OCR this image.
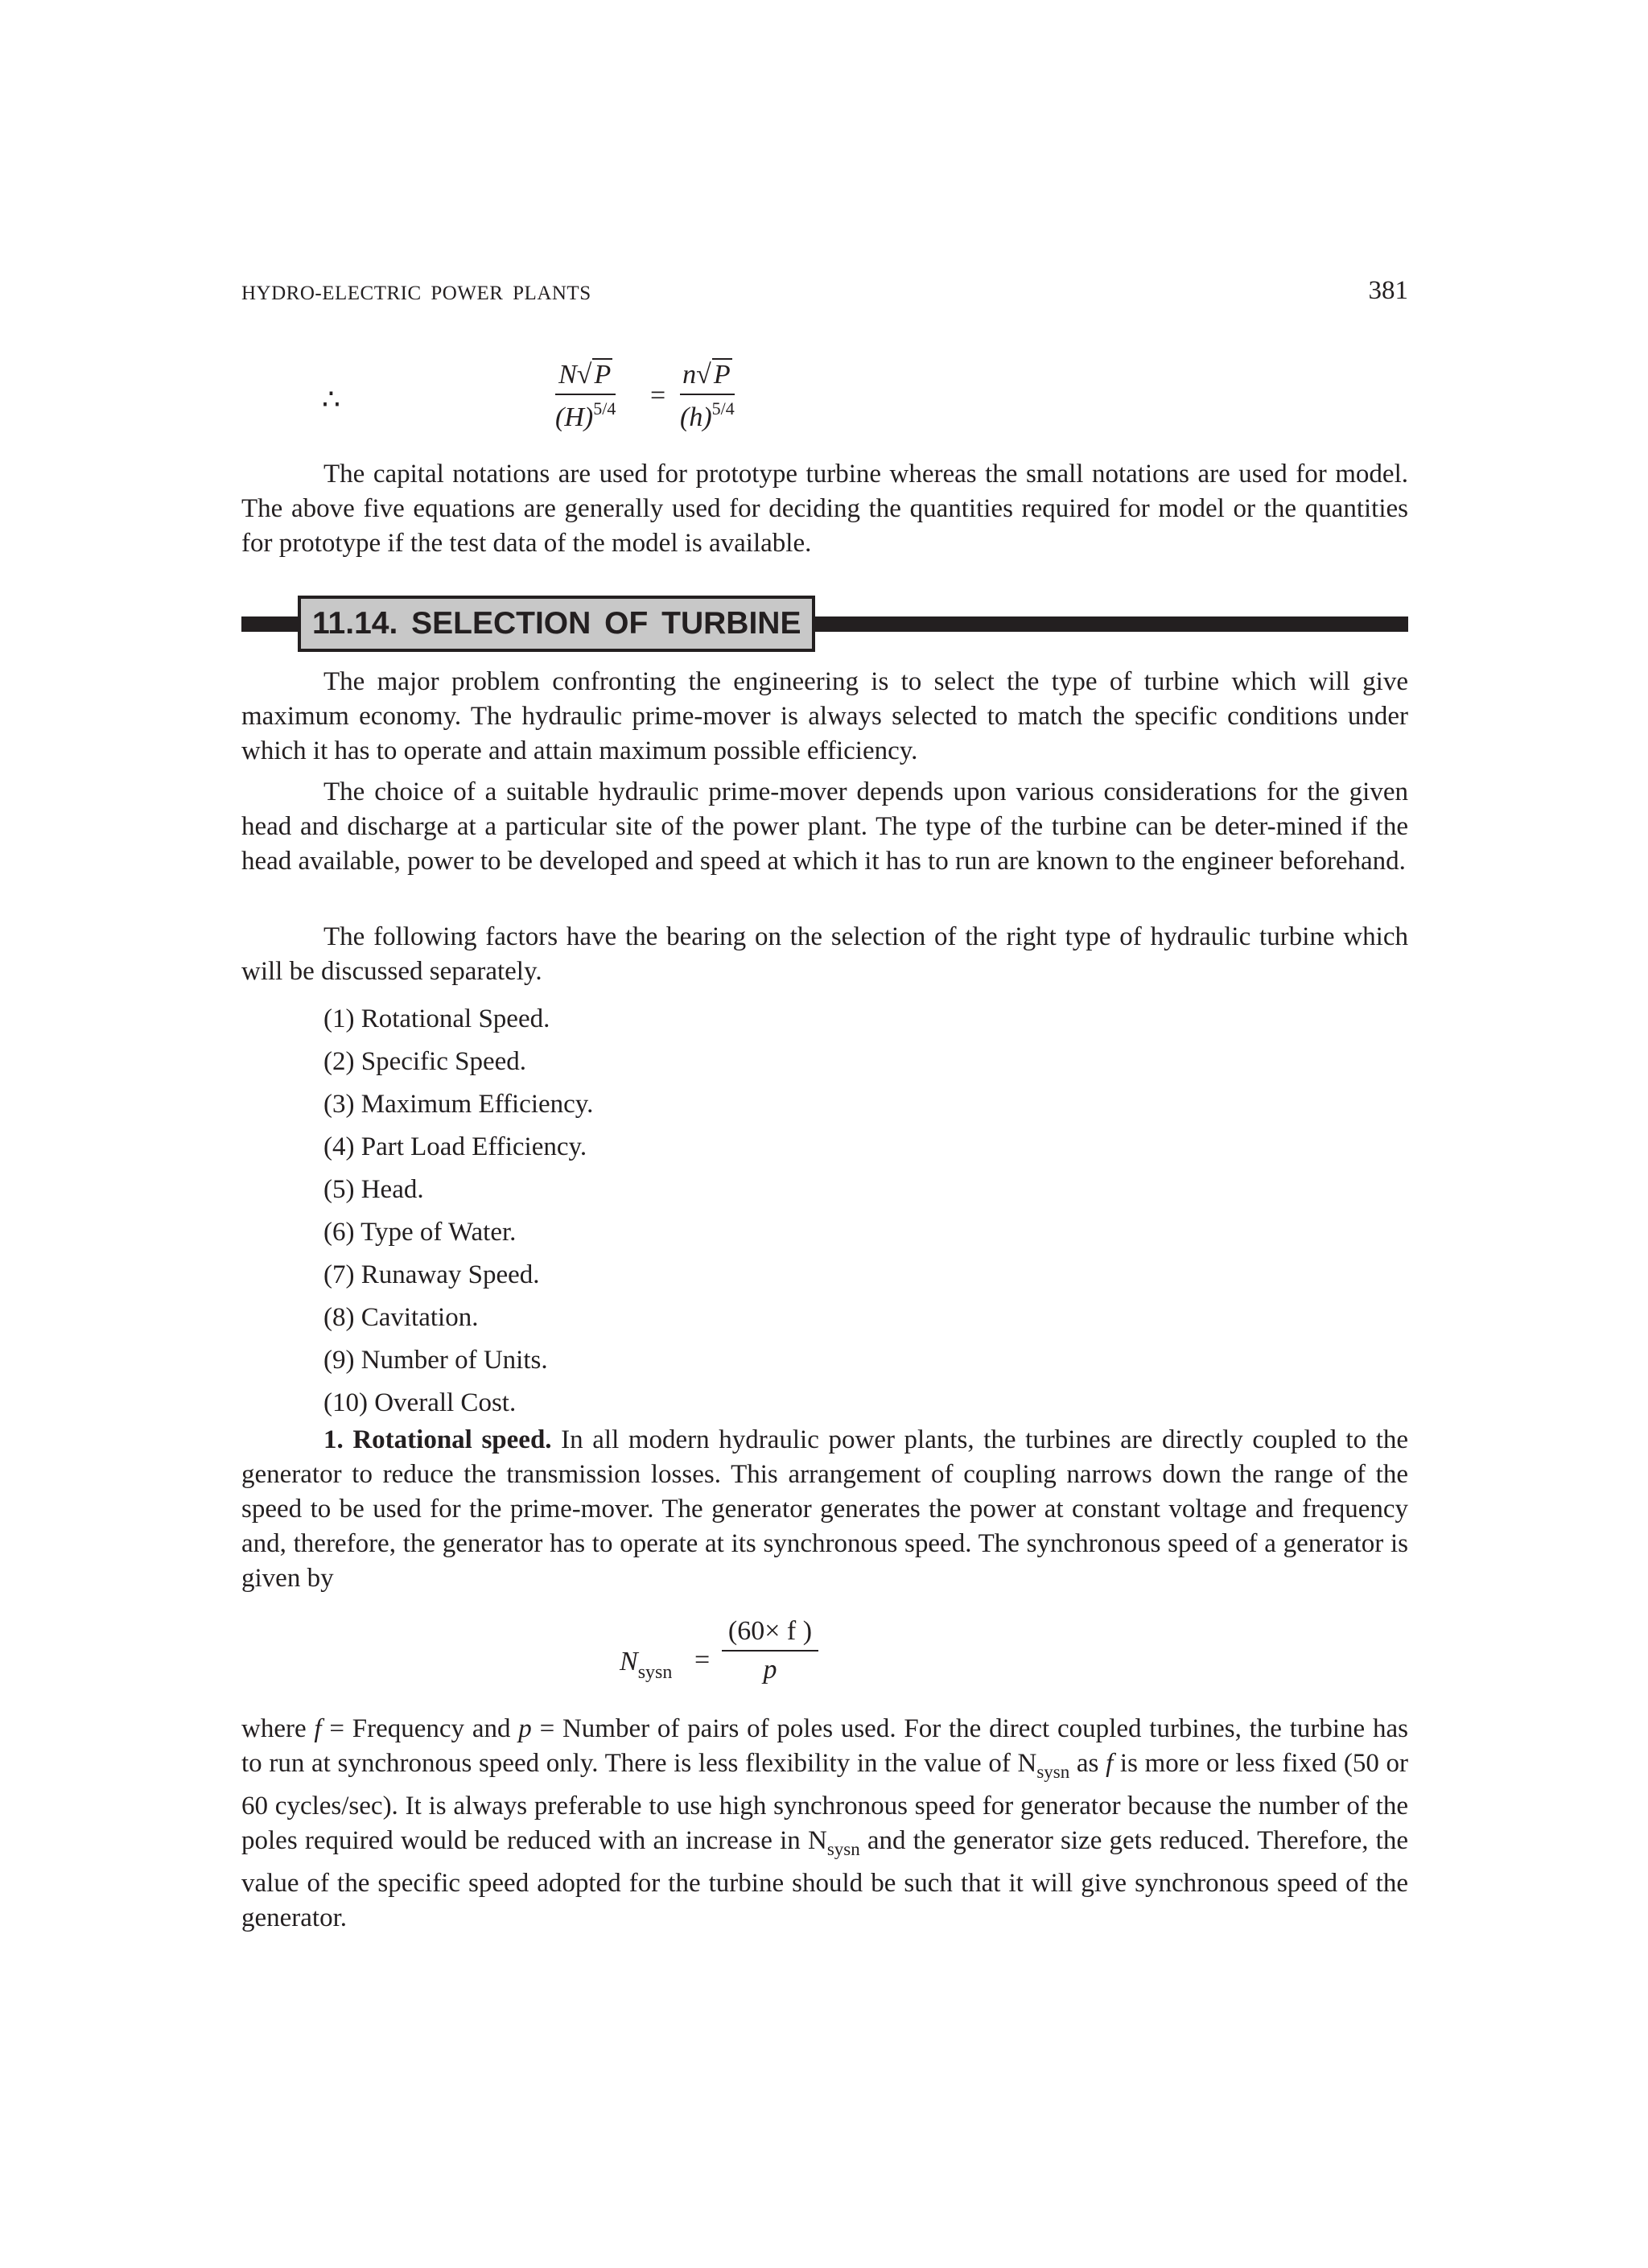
HYDRO-ELECTRIC POWER PLANTS	381
∴
N√P
$(H)^{5/4}$ =
n√P
$(h)^{5/4}$

The capital notations are used for prototype turbine whereas the small notations are used for model. The above five equations are generally used for deciding the quantities required for model or the quantities for prototype if the test data of the model is available.

11.14. SELECTION OF TURBINE

The major problem confronting the engineering is to select the type of turbine which will give maximum economy. The hydraulic prime-mover is always selected to match the specific conditions under which it has to operate and attain maximum possible efficiency.

The choice of a suitable hydraulic prime-mover depends upon various considerations for the given head and discharge at a particular site of the power plant. The type of the turbine can be deter-mined if the head available, power to be developed and speed at which it has to run are known to the engineer beforehand.

The following factors have the bearing on the selection of the right type of hydraulic turbine which will be discussed separately.

(1) Rotational Speed.
(2) Specific Speed.
(3) Maximum Efficiency.
(4) Part Load Efficiency.
(5) Head.
(6) Type of Water.
(7) Runaway Speed.
(8) Cavitation.
(9) Number of Units.
(10) Overall Cost.

1. Rotational speed. In all modern hydraulic power plants, the turbines are directly coupled to the generator to reduce the transmission losses. This arrangement of coupling narrows down the range of the speed to be used for the prime-mover. The generator generates the power at constant voltage and frequency and, therefore, the generator has to operate at its synchronous speed. The synchronous speed of a generator is given by

$N_{sysn}$ =
(60× f )
p

where f = Frequency and p = Number of pairs of poles used. For the direct coupled turbines, the turbine has to run at synchronous speed only. There is less flexibility in the value of $N_{sysn}$ as f is more or less fixed (50 or 60 cycles/sec). It is always preferable to use high synchronous speed for generator because the number of the poles required would be reduced with an increase in $N_{sysn}$ and the generator size gets reduced. Therefore, the value of the specific speed adopted for the turbine should be such that it will give synchronous speed of the generator.
